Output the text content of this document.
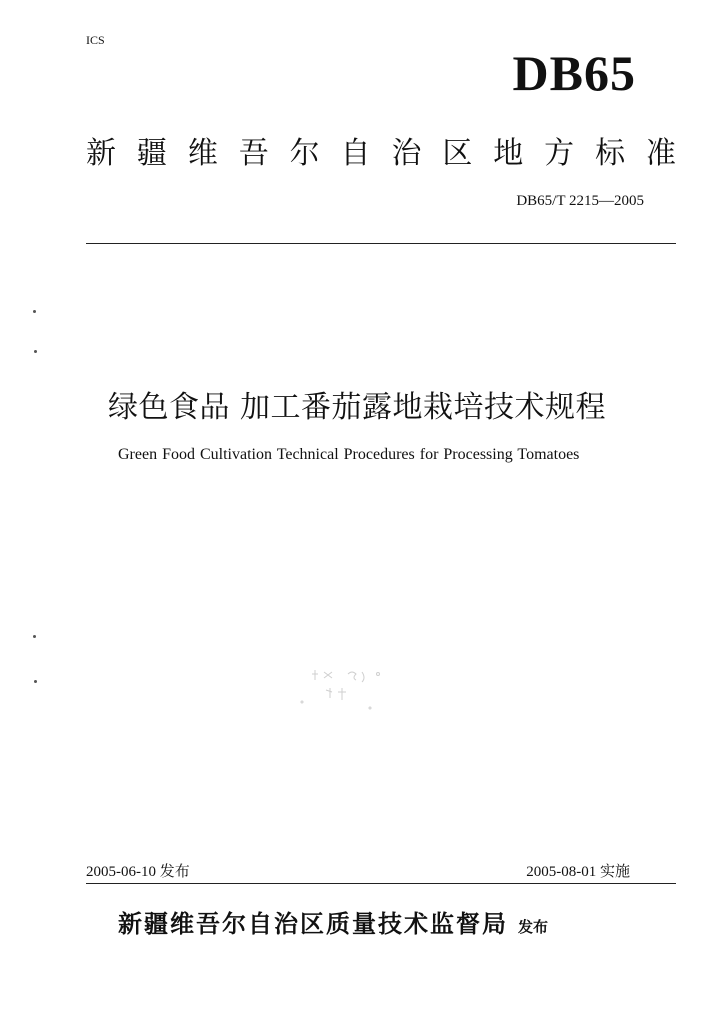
ICS
DB65
新 疆 维 吾 尔 自 治 区 地 方 标 准
DB65/T 2215—2005
绿色食品 加工番茄露地栽培技术规程
Green Food Cultivation Technical Procedures for Processing Tomatoes
2005-06-10 发布	2005-08-01 实施
新疆维吾尔自治区质量技术监督局 发布
